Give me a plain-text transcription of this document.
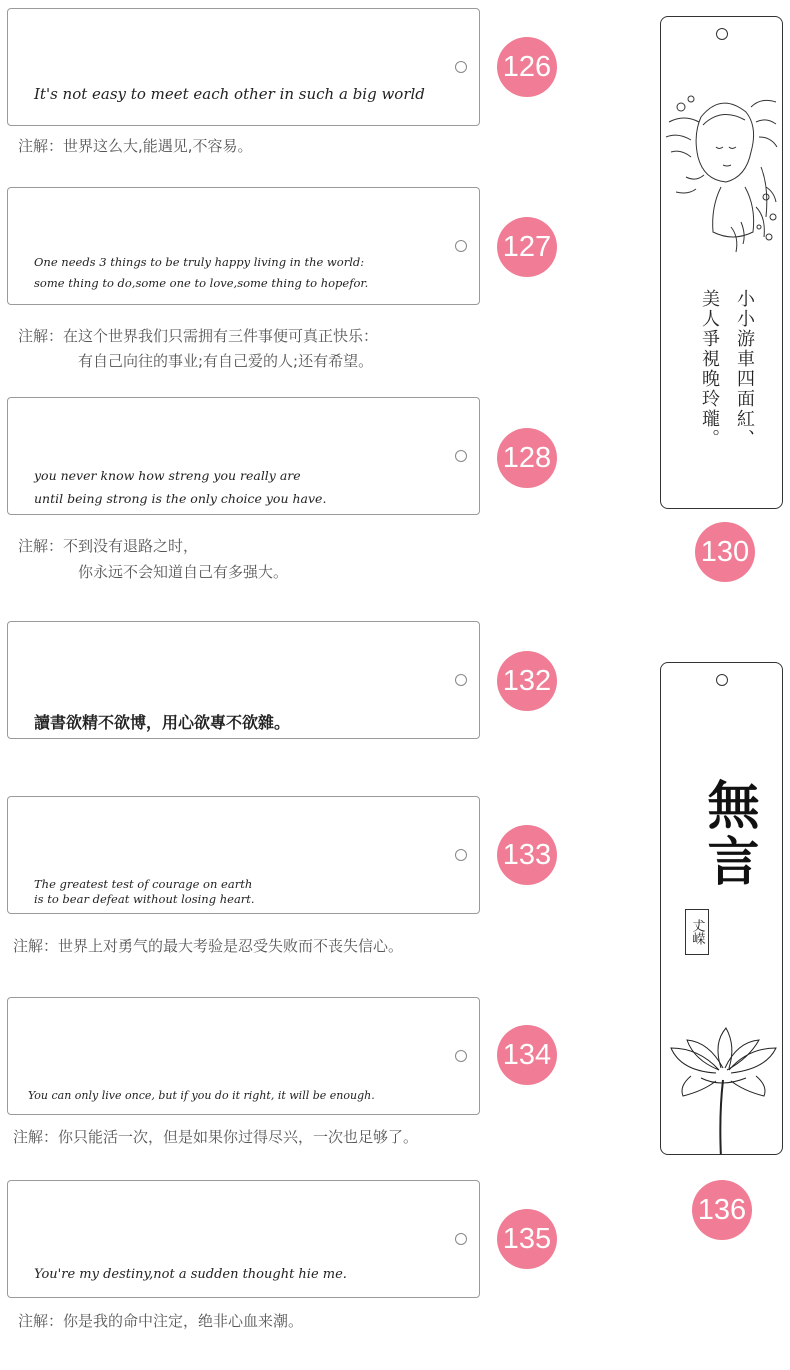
It's not easy to meet each other in such a big world
126
注解：世界这么大,能遇见,不容易。
One needs 3 things to be truly happy living in the world:
some thing to do,some one to love,some thing to hopefor.
127
注解：在这个世界我们只需拥有三件事便可真正快乐：
有自己向往的事业;有自己爱的人;还有希望。
you never know how streng you really are
until being strong is the only choice you have.
128
注解：不到没有退路之时，
你永远不会知道自己有多强大。
讀書欲精不欲博，用心欲專不欲雜。
132
The greatest test of courage on earth
is to bear defeat without losing heart.
133
注解：世界上对勇气的最大考验是忍受失败而不丧失信心。
You can only live once, but if you do it right, it will be enough.
134
注解：你只能活一次，但是如果你过得尽兴，一次也足够了。
You're my destiny,not a sudden thought hie me.
135
注解：你是我的命中注定，绝非心血来潮。
小小游車四面紅、
美人爭視晚玲瓏。
130
無言
𠀋嵘
136
